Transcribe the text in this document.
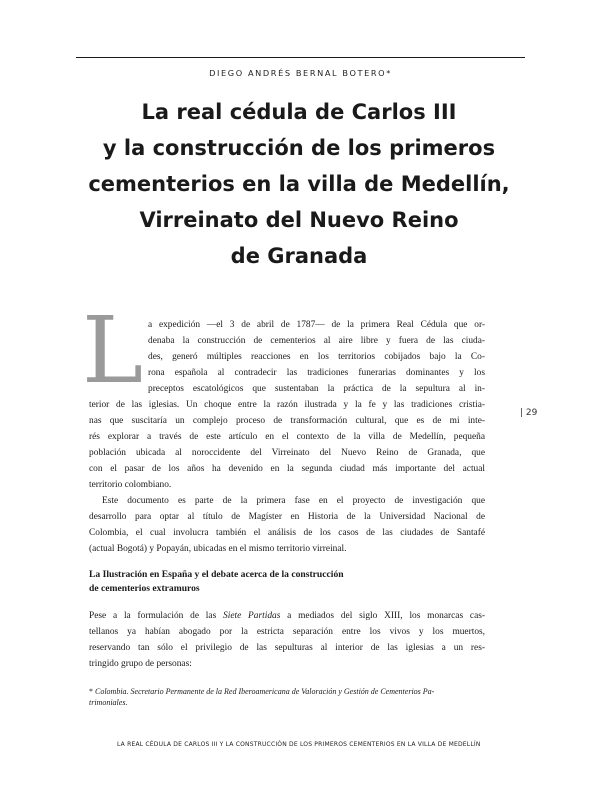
DIEGO ANDRÉS BERNAL BOTERO*
La real cédula de Carlos III
y la construcción de los primeros
cementerios en la villa de Medellín,
Virreinato del Nuevo Reino
de Granada
L a expedición —el 3 de abril de 1787— de la primera Real Cédula que or-
denaba la construcción de cementerios al aire libre y fuera de las ciuda-
des, generó múltiples reacciones en los territorios cobijados bajo la Co-
rona española al contradecir las tradiciones funerarias dominantes y los
preceptos escatológicos que sustentaban la práctica de la sepultura al in-
terior de las iglesias. Un choque entre la razón ilustrada y la fe y las tradiciones cristia-
nas que suscitaría un complejo proceso de transformación cultural, que es de mi inte-
rés explorar a través de este artículo en el contexto de la villa de Medellín, pequeña
población ubicada al noroccidente del Virreinato del Nuevo Reino de Granada, que
con el pasar de los años ha devenido en la segunda ciudad más importante del actual
territorio colombiano.
| 29
Este documento es parte de la primera fase en el proyecto de investigación que
desarrollo para optar al título de Magíster en Historia de la Universidad Nacional de
Colombia, el cual involucra también el análisis de los casos de las ciudades de Santafé
(actual Bogotá) y Popayán, ubicadas en el mismo territorio virreinal.
La Ilustración en España y el debate acerca de la construcción
de cementerios extramuros
Pese a la formulación de las Siete Partidas a mediados del siglo XIII, los monarcas cas-
tellanos ya habían abogado por la estricta separación entre los vivos y los muertos,
reservando tan sólo el privilegio de las sepulturas al interior de las iglesias a un res-
tringido grupo de personas:
* Colombia. Secretario Permanente de la Red Iberoamericana de Valoración y Gestión de Cementerios Pa-
trimoniales.
LA REAL CÉDULA DE CARLOS III Y LA CONSTRUCCIÓN DE LOS PRIMEROS CEMENTERIOS EN LA VILLA DE MEDELLÍN
